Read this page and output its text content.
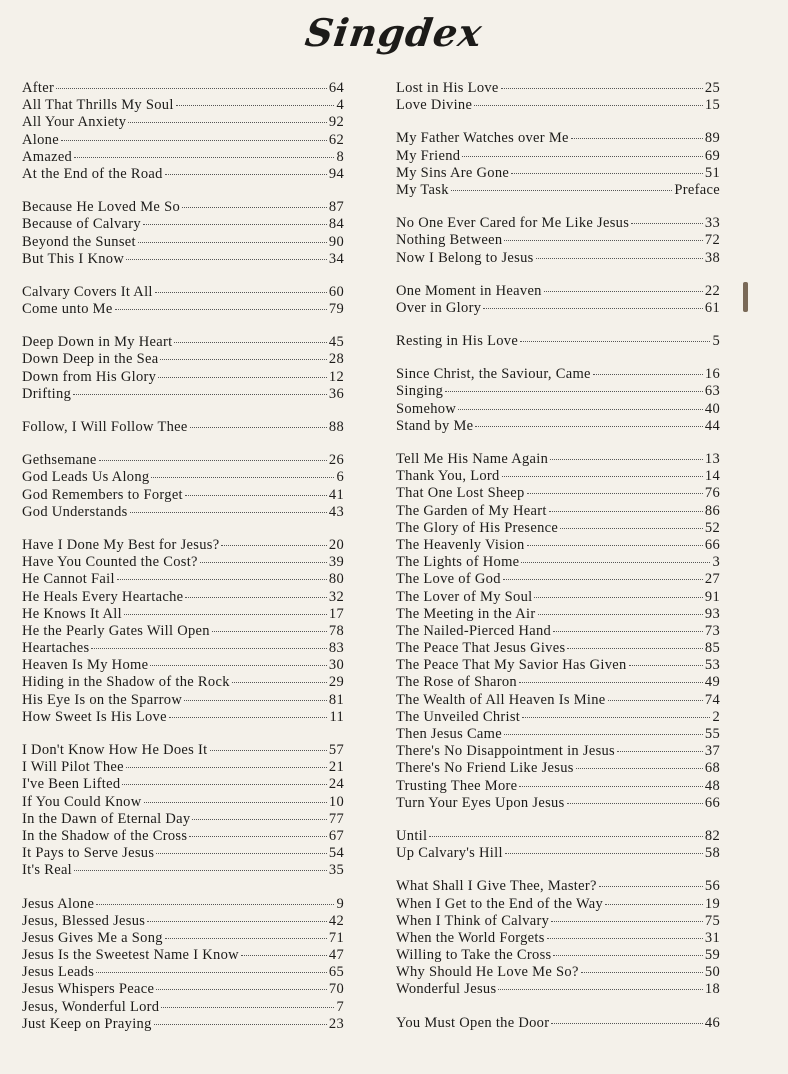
Singdex
After	64
All That Thrills My Soul	4
All Your Anxiety	92
Alone	62
Amazed	8
At the End of the Road	94
Because He Loved Me So	87
Because of Calvary	84
Beyond the Sunset	90
But This I Know	34
Calvary Covers It All	60
Come unto Me	79
Deep Down in My Heart	45
Down Deep in the Sea	28
Down from His Glory	12
Drifting	36
Follow, I Will Follow Thee	88
Gethsemane	26
God Leads Us Along	6
God Remembers to Forget	41
God Understands	43
Have I Done My Best for Jesus?	20
Have You Counted the Cost?	39
He Cannot Fail	80
He Heals Every Heartache	32
He Knows It All	17
He the Pearly Gates Will Open	78
Heartaches	83
Heaven Is My Home	30
Hiding in the Shadow of the Rock	29
His Eye Is on the Sparrow	81
How Sweet Is His Love	11
I Don't Know How He Does It	57
I Will Pilot Thee	21
I've Been Lifted	24
If You Could Know	10
In the Dawn of Eternal Day	77
In the Shadow of the Cross	67
It Pays to Serve Jesus	54
It's Real	35
Jesus Alone	9
Jesus, Blessed Jesus	42
Jesus Gives Me a Song	71
Jesus Is the Sweetest Name I Know	47
Jesus Leads	65
Jesus Whispers Peace	70
Jesus, Wonderful Lord	7
Just Keep on Praying	23
Lost in His Love	25
Love Divine	15
My Father Watches over Me	89
My Friend	69
My Sins Are Gone	51
My Task	Preface
No One Ever Cared for Me Like Jesus	33
Nothing Between	72
Now I Belong to Jesus	38
One Moment in Heaven	22
Over in Glory	61
Resting in His Love	5
Since Christ, the Saviour, Came	16
Singing	63
Somehow	40
Stand by Me	44
Tell Me His Name Again	13
Thank You, Lord	14
That One Lost Sheep	76
The Garden of My Heart	86
The Glory of His Presence	52
The Heavenly Vision	66
The Lights of Home	3
The Love of God	27
The Lover of My Soul	91
The Meeting in the Air	93
The Nailed-Pierced Hand	73
The Peace That Jesus Gives	85
The Peace That My Savior Has Given	53
The Rose of Sharon	49
The Wealth of All Heaven Is Mine	74
The Unveiled Christ	2
Then Jesus Came	55
There's No Disappointment in Jesus	37
There's No Friend Like Jesus	68
Trusting Thee More	48
Turn Your Eyes Upon Jesus	66
Until	82
Up Calvary's Hill	58
What Shall I Give Thee, Master?	56
When I Get to the End of the Way	19
When I Think of Calvary	75
When the World Forgets	31
Willing to Take the Cross	59
Why Should He Love Me So?	50
Wonderful Jesus	18
You Must Open the Door	46
